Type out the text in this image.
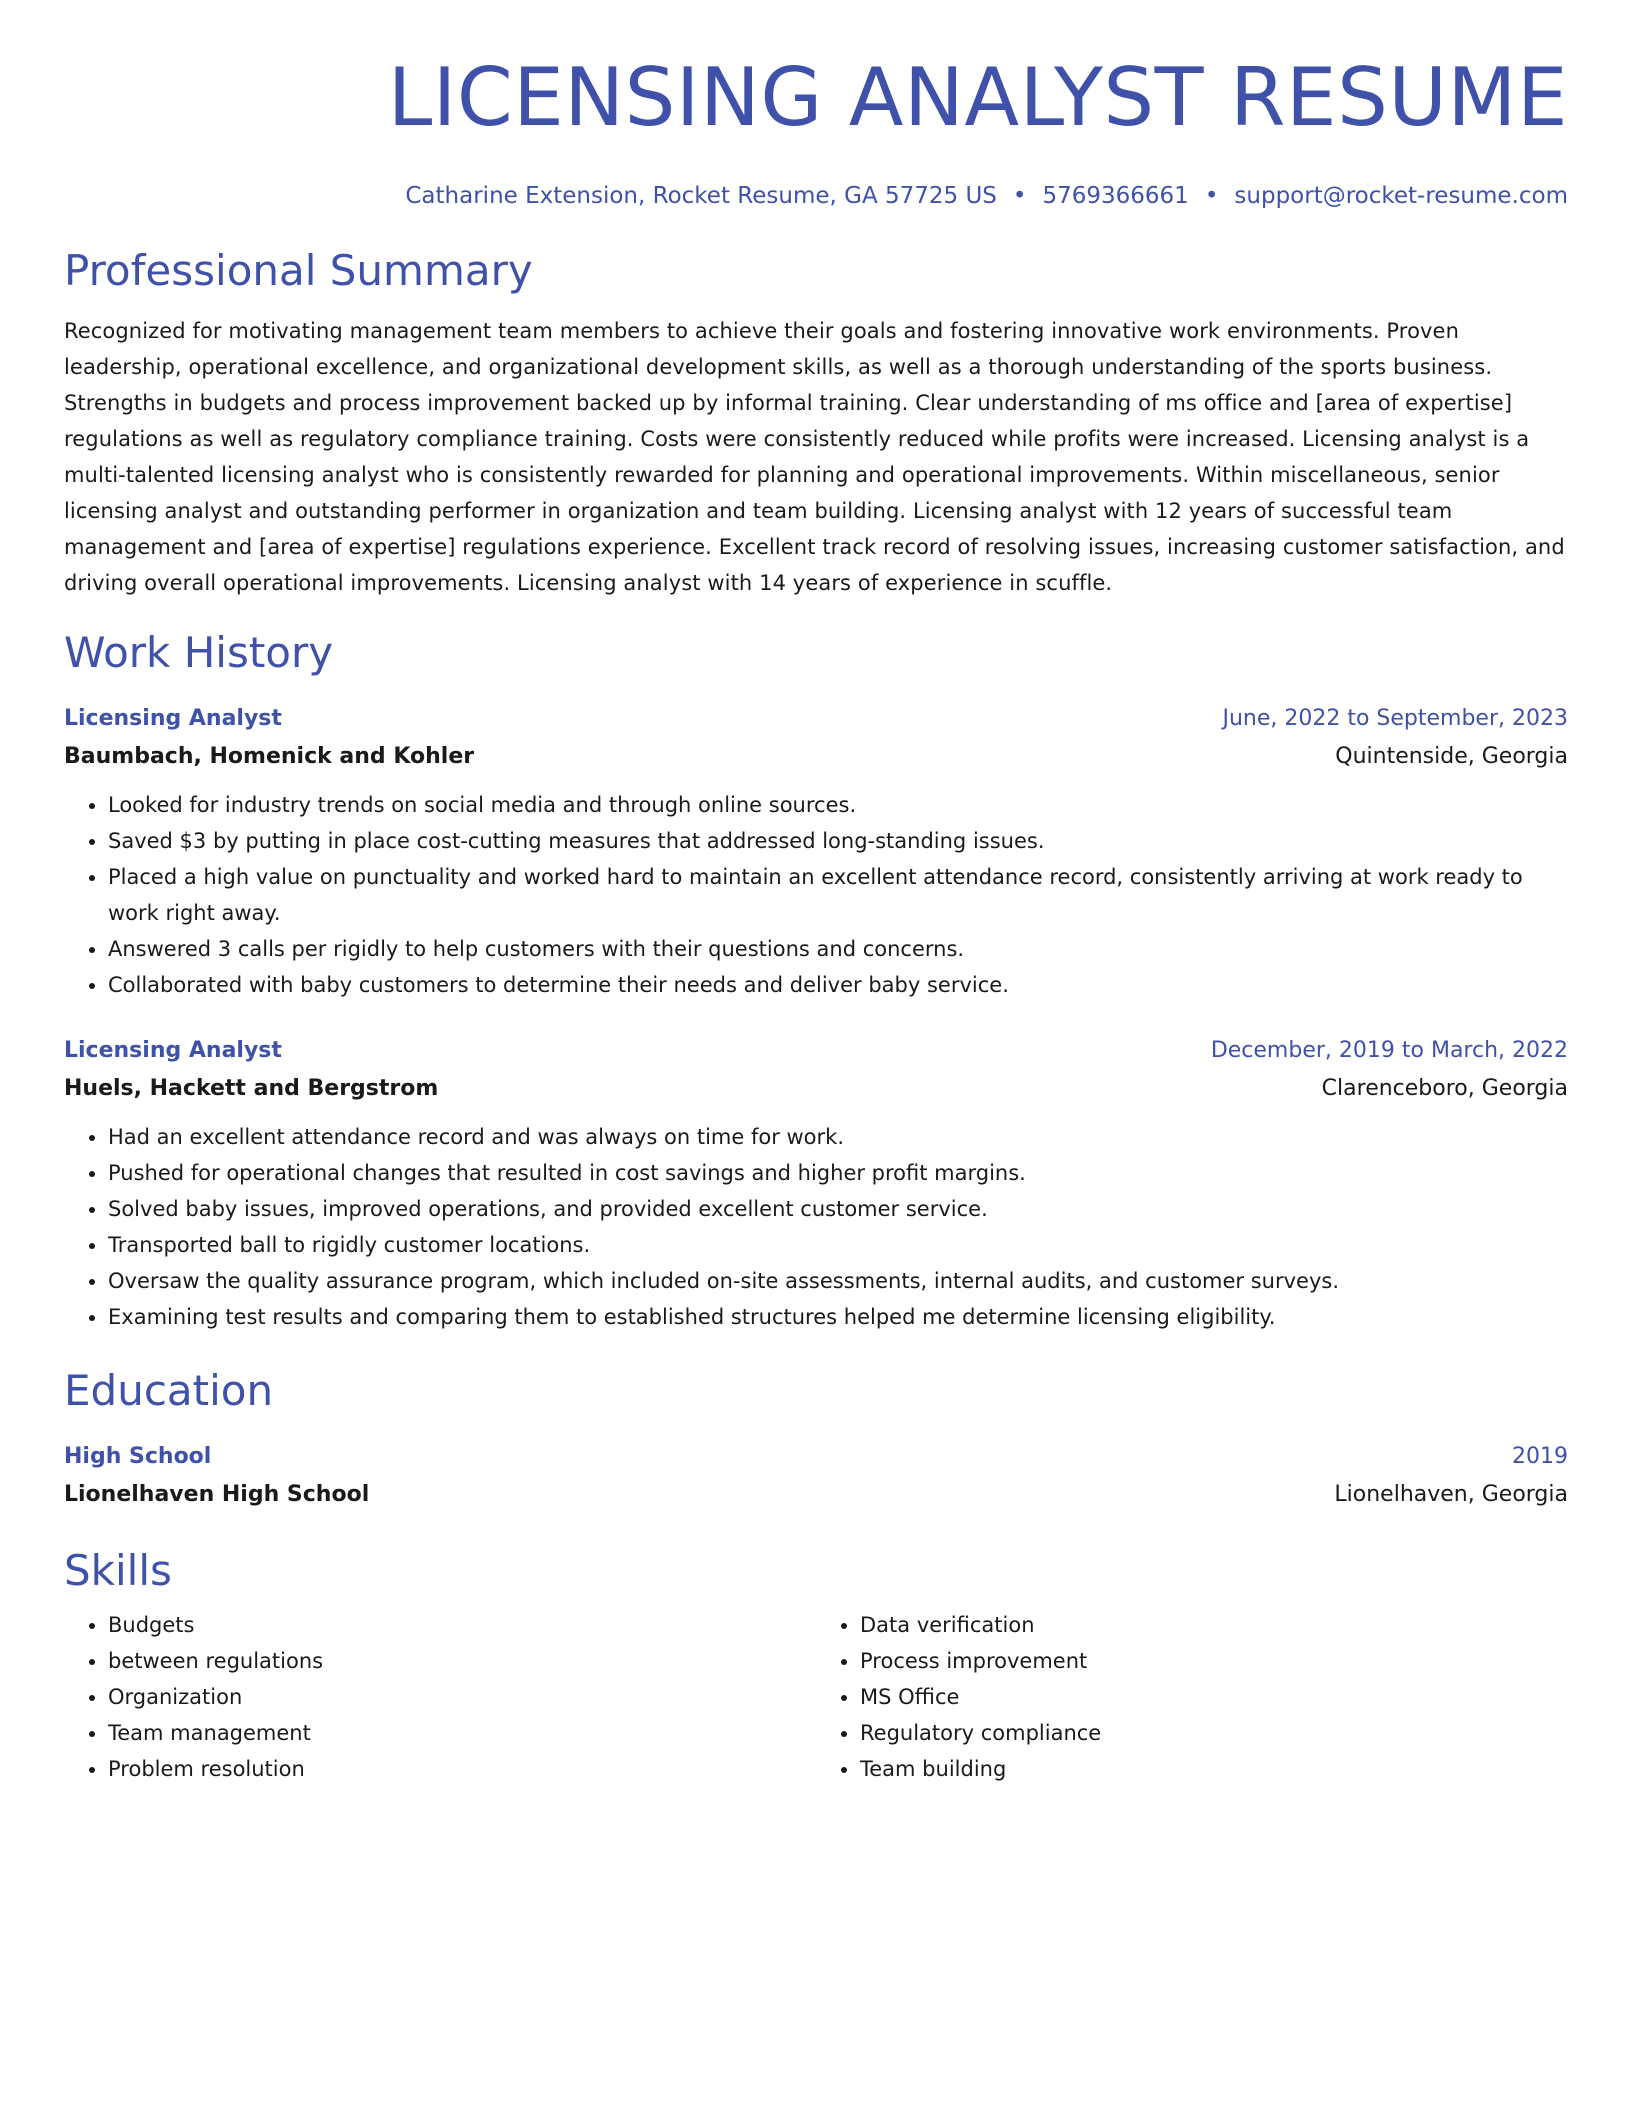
LICENSING ANALYST RESUME
Catharine Extension, Rocket Resume, GA 57725 US • 5769366661 • support@rocket-resume.com
Professional Summary
Recognized for motivating management team members to achieve their goals and fostering innovative work environments. Proven leadership, operational excellence, and organizational development skills, as well as a thorough understanding of the sports business. Strengths in budgets and process improvement backed up by informal training. Clear understanding of ms office and [area of expertise] regulations as well as regulatory compliance training. Costs were consistently reduced while profits were increased. Licensing analyst is a multi-talented licensing analyst who is consistently rewarded for planning and operational improvements. Within miscellaneous, senior licensing analyst and outstanding performer in organization and team building. Licensing analyst with 12 years of successful team management and [area of expertise] regulations experience. Excellent track record of resolving issues, increasing customer satisfaction, and driving overall operational improvements. Licensing analyst with 14 years of experience in scuffle.
Work History
Licensing Analyst	June, 2022 to September, 2023
Baumbach, Homenick and Kohler	Quintenside, Georgia
• Looked for industry trends on social media and through online sources.
• Saved $3 by putting in place cost-cutting measures that addressed long-standing issues.
• Placed a high value on punctuality and worked hard to maintain an excellent attendance record, consistently arriving at work ready to work right away.
• Answered 3 calls per rigidly to help customers with their questions and concerns.
• Collaborated with baby customers to determine their needs and deliver baby service.
Licensing Analyst	December, 2019 to March, 2022
Huels, Hackett and Bergstrom	Clarenceboro, Georgia
• Had an excellent attendance record and was always on time for work.
• Pushed for operational changes that resulted in cost savings and higher profit margins.
• Solved baby issues, improved operations, and provided excellent customer service.
• Transported ball to rigidly customer locations.
• Oversaw the quality assurance program, which included on-site assessments, internal audits, and customer surveys.
• Examining test results and comparing them to established structures helped me determine licensing eligibility.
Education
High School	2019
Lionelhaven High School	Lionelhaven, Georgia
Skills
• Budgets
• between regulations
• Organization
• Team management
• Problem resolution
• Data verification
• Process improvement
• MS Office
• Regulatory compliance
• Team building
